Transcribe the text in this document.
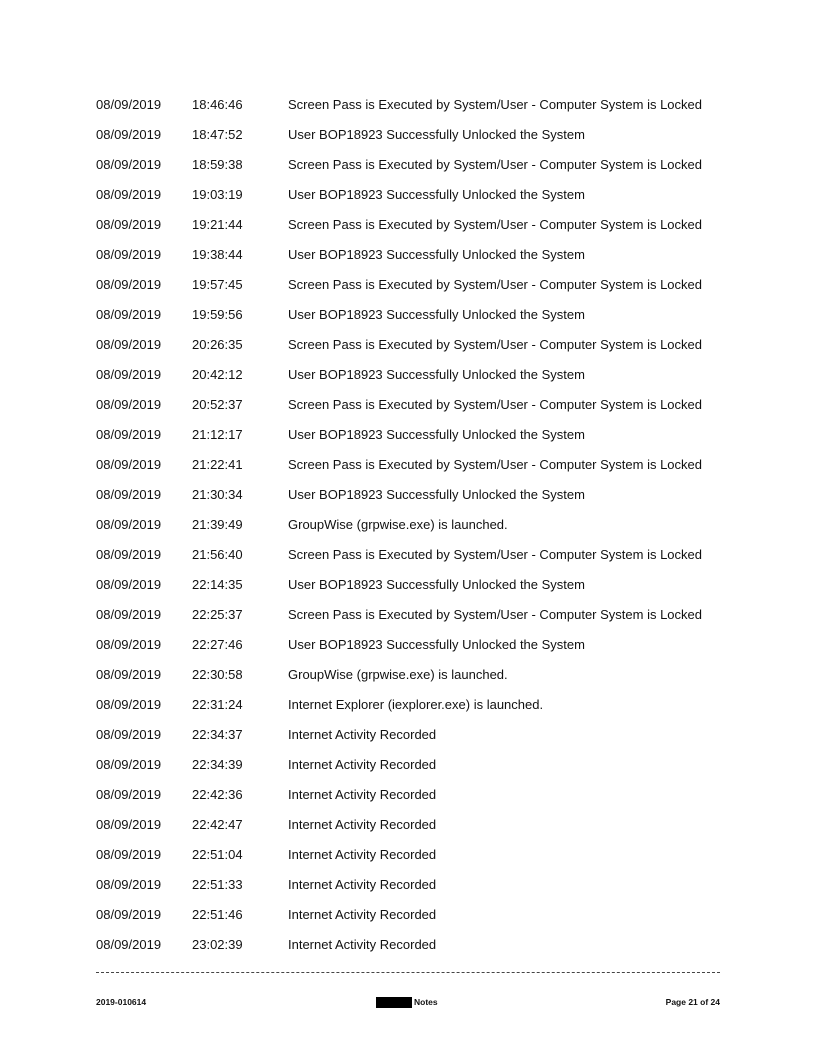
08/09/2019 18:46:46	Screen Pass is Executed by System/User - Computer System is Locked
08/09/2019 18:47:52	User BOP18923 Successfully Unlocked the System
08/09/2019 18:59:38	Screen Pass is Executed by System/User - Computer System is Locked
08/09/2019 19:03:19	User BOP18923 Successfully Unlocked the System
08/09/2019 19:21:44	Screen Pass is Executed by System/User - Computer System is Locked
08/09/2019 19:38:44	User BOP18923 Successfully Unlocked the System
08/09/2019 19:57:45	Screen Pass is Executed by System/User - Computer System is Locked
08/09/2019 19:59:56	User BOP18923 Successfully Unlocked the System
08/09/2019 20:26:35	Screen Pass is Executed by System/User - Computer System is Locked
08/09/2019 20:42:12	User BOP18923 Successfully Unlocked the System
08/09/2019 20:52:37	Screen Pass is Executed by System/User - Computer System is Locked
08/09/2019 21:12:17	User BOP18923 Successfully Unlocked the System
08/09/2019 21:22:41	Screen Pass is Executed by System/User - Computer System is Locked
08/09/2019 21:30:34	User BOP18923 Successfully Unlocked the System
08/09/2019 21:39:49	GroupWise (grpwise.exe) is launched.
08/09/2019 21:56:40	Screen Pass is Executed by System/User - Computer System is Locked
08/09/2019 22:14:35	User BOP18923 Successfully Unlocked the System
08/09/2019 22:25:37	Screen Pass is Executed by System/User - Computer System is Locked
08/09/2019 22:27:46	User BOP18923 Successfully Unlocked the System
08/09/2019 22:30:58	GroupWise (grpwise.exe) is launched.
08/09/2019 22:31:24	Internet Explorer (iexplorer.exe) is launched.
08/09/2019 22:34:37	Internet Activity Recorded
08/09/2019 22:34:39	Internet Activity Recorded
08/09/2019 22:42:36	Internet Activity Recorded
08/09/2019 22:42:47	Internet Activity Recorded
08/09/2019 22:51:04	Internet Activity Recorded
08/09/2019 22:51:33	Internet Activity Recorded
08/09/2019 22:51:46	Internet Activity Recorded
08/09/2019 23:02:39	Internet Activity Recorded
2019-010614	Notes	Page 21 of 24
